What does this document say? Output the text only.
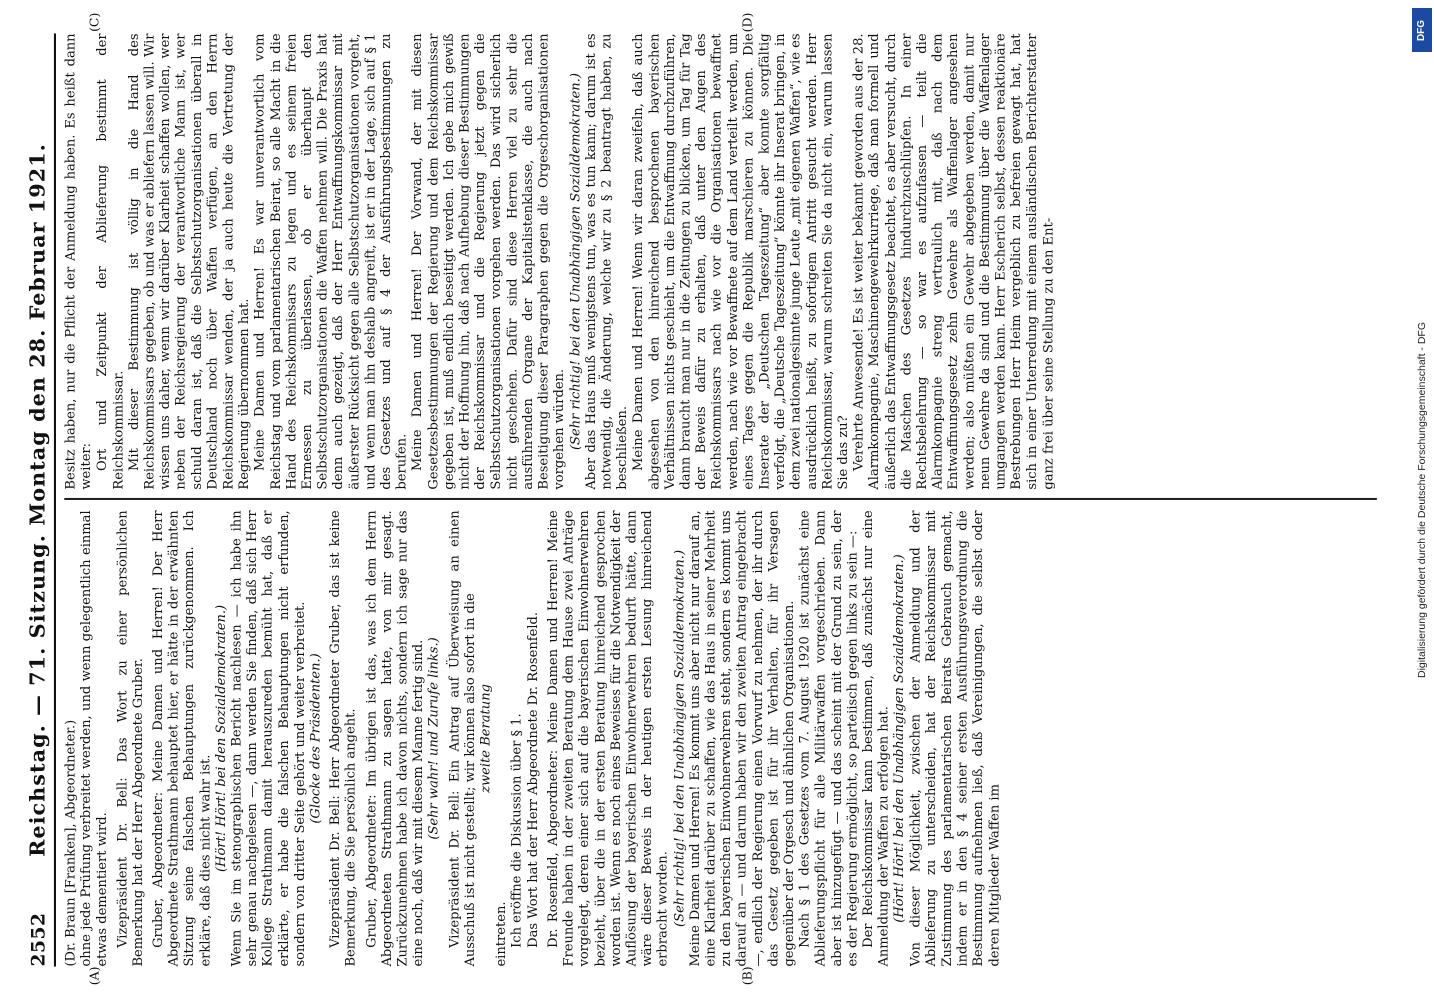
2552
Reichstag. — 71. Sitzung. Montag den 28. Februar 1921. (Dr. Braun [Franken], Abgeordneter.) ohne jede Prüfung verbreitet werden, und wenn gelegentlich einmal etwas dementiert wird. Vizepräsident Dr. Bell: Das Wort zu einer persönlichen Bemerkung hat der Herr Abgeordnete Gruber. Gruber, Abgeordneter: Meine Damen und Herren! Der Herr Abgeordnete Strathmann behauptet hier, er hätte in der erwähnten Sitzung seine falschen Behauptungen zurückgenommen. Ich erkläre, daß dies nicht wahr ist. (Hört! Hört! bei den Sozialdemokraten.) Wenn Sie im stenographischen Bericht nachlesen — ich habe ihn sehr genau nachgelesen —, dann werden Sie finden, daß sich Herr Kollege Strathmann damit herauszureden bemüht hat, daß er erklärte, er habe die falschen Behauptungen nicht erfunden, sondern von dritter Seite gehört und weiter verbreitet. (Glocke des Präsidenten.) Vizepräsident Dr. Bell: Herr Abgeordneter Gruber, das ist keine Bemerkung, die Sie persönlich angeht. Gruber, Abgeordneter: Im übrigen ist das, was ich dem Herrn Abgeordneten Strathmann zu sagen hatte, von mir gesagt. Zurückzunehmen habe ich davon nichts, sondern ich sage nur das eine noch, daß wir mit diesem Manne fertig sind. (Sehr wahr! und Zurufe links.) Vizepräsident Dr. Bell: Ein Antrag auf Überweisung an einen Ausschuß ist nicht gestellt; wir können also sofort in die zweite Beratung

eintreten. Ich eröffne die Diskussion über § 1. Das Wort hat der Herr Abgeordnete Dr. Rosenfeld. Dr. Rosenfeld, Abgeordneter: Meine Damen und Herren! Meine Freunde haben in der zweiten Beratung dem Hause zwei Anträge vorgelegt, deren einer sich auf die bayerischen Einwohnerwehren bezieht, über die in der ersten Beratung hinreichend gesprochen worden ist. Wenn es noch eines Beweises für die Notwendigkeit der Auflösung der bayerischen Einwohnerwehren bedurft hätte, dann wäre dieser Beweis in der heutigen ersten Lesung hinreichend erbracht worden. (Sehr richtig! bei den Unabhängigen Sozialdemokraten.) Meine Damen und Herren! Es kommt uns aber nicht nur darauf an, eine Klarheit darüber zu schaffen, wie das Haus in seiner Mehrheit zu den bayerischen Einwohnerwehren steht, sondern es kommt uns darauf an — und darum haben wir den zweiten Antrag eingebracht —, endlich der Regierung einen Vorwurf zu nehmen, der ihr durch das Gesetz gegeben ist für ihr Verhalten, für ihr Versagen gegenüber der Orgesch und ähnlichen Organisationen. Nach § 1 des Gesetzes vom 7. August 1920 ist zunächst eine Ablieferungspflicht für alle Militärwaffen vorgeschrieben. Dann aber ist hinzugefügt — und das scheint mit der Grund zu sein, der es der Regierung ermöglicht, so parteiisch gegen links zu sein —: Der Reichskommissar kann bestimmen, daß zunächst nur eine Anmeldung der Waffen zu erfolgen hat. (Hört! Hört! bei den Unabhängigen Sozialdemokraten.) Von dieser Möglichkeit, zwischen der Anmeldung und der Ablieferung zu unterscheiden, hat der Reichskommissar mit Zustimmung des parlamentarischen Beirats Gebrauch gemacht, indem er in den § 4 seiner ersten Ausführungsverordnung die Bestimmung aufnehmen ließ, daß Vereinigungen, die selbst oder deren Mitglieder Waffen im

Besitz haben, nur die Pflicht der Anmeldung haben. Es heißt dann weiter: Ort und Zeitpunkt der Ablieferung bestimmt der Reichskommissar. Mit dieser Bestimmung ist völlig in die Hand des Reichskommissars gegeben, ob und was er abliefern lassen will. Wir wissen uns daher, wenn wir darüber Klarheit schaffen wollen, wer neben der Reichsregierung der verantwortliche Mann ist, wer schuld daran ist, daß die Selbstschutzorganisationen überall in Deutschland noch über Waffen verfügen, an den Herrn Reichskommissar wenden, der ja auch heute die Vertretung der Regierung übernommen hat. Meine Damen und Herren! Es war unverantwortlich vom Reichstag und vom parlamentarischen Beirat, so alle Macht in die Hand des Reichskommissars zu legen und es seinem freien Ermessen zu überlassen, ob er überhaupt den Selbstschutzorganisationen die Waffen nehmen will. Die Praxis hat denn auch gezeigt, daß der Herr Entwaffnungskommissar mit äußerster Rücksicht gegen alle Selbstschutzorganisationen vorgeht, und wenn man ihn deshalb angreift, ist er in der Lage, sich auf § 1 des Gesetzes und auf § 4 der Ausführungsbestimmungen zu berufen. Meine Damen und Herren! Der Vorwand, der mit diesen Gesetzesbestimmungen der Regierung und dem Reichskommissar gegeben ist, muß endlich beseitigt werden. Ich gebe mich gewiß nicht der Hoffnung hin, daß nach Aufhebung dieser Bestimmungen der Reichskommissar und die Regierung jetzt gegen die Selbstschutzorganisationen vorgehen werden. Das wird sicherlich nicht geschehen. Dafür sind diese Herren viel zu sehr die ausführenden Organe der Kapitalistenklasse, die auch nach Beseitigung dieser Paragraphen gegen die Orgeschorganisationen vorgehen würden. (Sehr richtig! bei den Unabhängigen Sozialdemokraten.) Aber das Haus muß wenigstens tun, was es tun kann; darum ist es notwendig, die Änderung, welche wir zu § 2 beantragt haben, zu beschließen. Meine Damen und Herren! Wenn wir daran zweifeln, daß auch abgesehen von den hinreichend besprochenen bayerischen Verhältnissen nichts geschieht, um die Entwaffnung durchzuführen, dann braucht man nur in die Zeitungen zu blicken, um Tag für Tag der Beweis dafür zu erhalten, daß unter den Augen des Reichskommissars nach wie vor die Organisationen bewaffnet werden, nach wie vor Bewaffnete auf dem Land verteilt werden, um eines Tages gegen die Republik marschieren zu können. Die Inserate der „Deutschen Tageszeitung“ aber konnte sorgfältig verfolgt, die „Deutsche Tageszeitung“ könnte ihr Inserat bringen, in dem zwei nationalgesinnte junge Leute „mit eigenen Waffen“, wie es ausdrücklich heißt, zu sofortigem Antritt gesucht werden. Herr Reichskommissar, warum schreiten Sie da nicht ein, warum lassen Sie das zu? Verehrte Anwesende! Es ist weiter bekannt geworden aus der 28. Alarmkompagnie, Maschinengewehrkurriege, daß man formell und äußerlich das Entwaffnungsgesetz beachtet, es aber versucht, durch die Maschen des Gesetzes hindurchzuschlüpfen. In einer Rechtsbelehrung — so war es aufzufassen — teilt die Alarmkompagnie streng vertraulich mit, daß nach dem Entwaffnungsgesetz zehn Gewehre als Waffenlager angesehen werden; also müßten ein Gewehr abgegeben werden, damit nur neun Gewehre da sind und die Bestimmung über die Waffenlager umgangen werden kann. Herr Escherich selbst, dessen reaktionäre Bestrebungen Herr Heim vergeblich zu befreien gewagt hat, hat sich in einer Unterredung mit einem ausländischen Berichterstatter ganz frei über seine Stellung zu den Ent-

(A)	(B)
(C)	(D)
Digitalisierung gefördert durch die Deutsche Forschungsgemeinschaft - DFG
DFG
